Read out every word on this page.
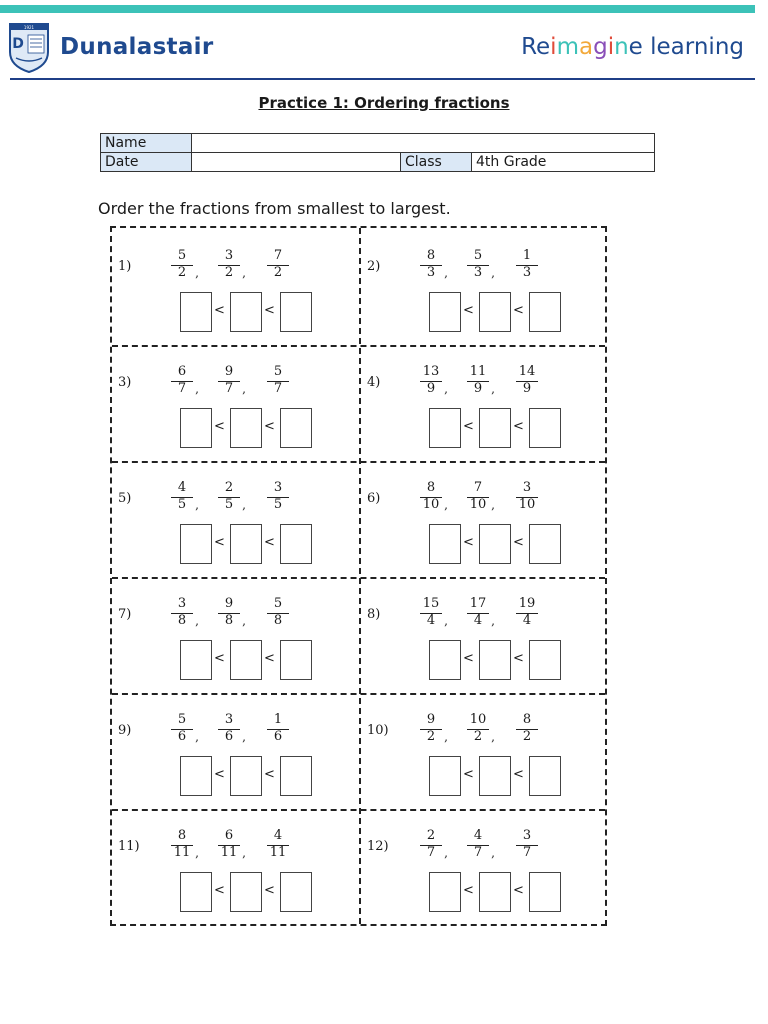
1921
D Dunalastair	Reimagine learning
Practice 1: Ordering fractions
Name			
Date		Class	4th Grade
Order the fractions from smallest to largest.
1)
5
2 ,
3
2 , $\frac{7}{2}$
<	<
2)
8
3 ,
5
3 , $\frac{1}{3}$
<	<
3)
6
7 ,
9
7 , $\frac{5}{7}$
<	<
4)
13
9 ,
11
9 , $\frac{14}{9}$
<	<
5)
4
5 ,
2
5 , $\frac{3}{5}$
<	<
6)
8
10 ,
7
10 , $\frac{3}{10}$
<	<
7)
3
8 ,
9
8 , $\frac{5}{8}$
<	<
8)
15
4 ,
17
4 , $\frac{19}{4}$
<	<
9)
5
6 ,
3
6 , $\frac{1}{6}$
<	<
10)
9
2 ,
10
2 , $\frac{8}{2}$
<	<
11)
8
11 ,
6
11 , $\frac{4}{11}$
<	<
12)
2
7 ,
4
7 , $\frac{3}{7}$
<	<
